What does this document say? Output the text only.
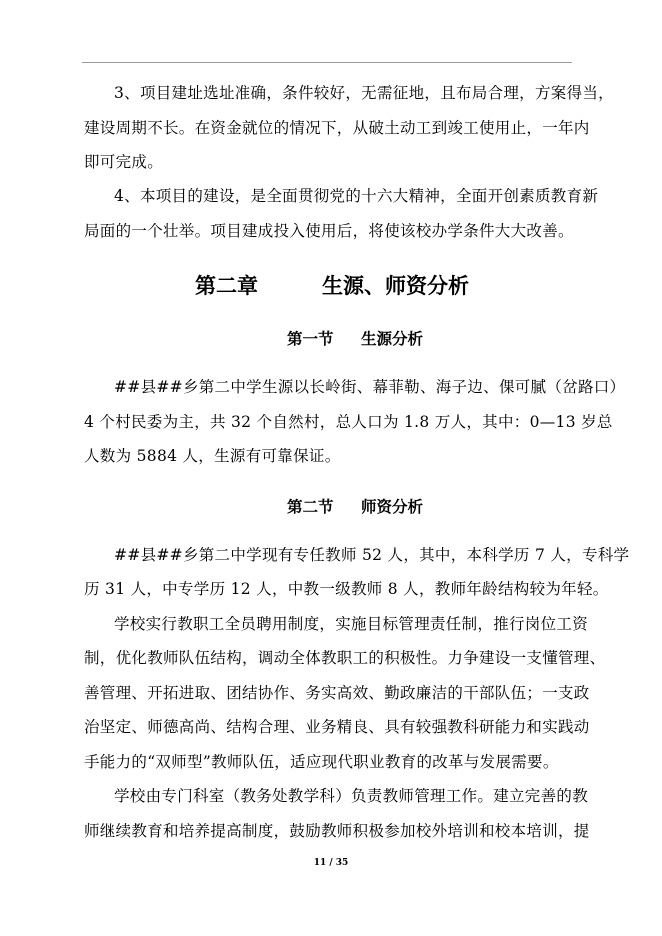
3、项目建址选址准确，条件较好，无需征地，且布局合理，方案得当，
建设周期不长。在资金就位的情况下，从破土动工到竣工使用止，一年内
即可完成。
4、本项目的建设，是全面贯彻党的十六大精神，全面开创素质教育新
局面的一个壮举。项目建成投入使用后，将使该校办学条件大大改善。
第二章	生源、师资分析
第一节 生源分析
##县##乡第二中学生源以长岭街、幕菲勒、海子边、倮可膩（岔路口）
4 个村民委为主，共 32 个自然村，总人口为 1.8 万人，其中：0—13 岁总
人数为 5884 人，生源有可靠保证。
第二节 师资分析
##县##乡第二中学现有专任教师 52 人，其中，本科学历 7 人，专科学
历 31 人，中专学历 12 人，中教一级教师 8 人，教师年龄结构较为年轻。
学校实行教职工全员聘用制度，实施目标管理责任制，推行岗位工资
制，优化教师队伍结构，调动全体教职工的积极性。力争建设一支懂管理、
善管理、开拓进取、团结协作、务实高效、勤政廉洁的干部队伍；一支政
治坚定、师德高尚、结构合理、业务精良、具有较强教科研能力和实践动
手能力的“双师型”教师队伍，适应现代职业教育的改革与发展需要。
学校由专门科室（教务处教学科）负责教师管理工作。建立完善的教
师继续教育和培养提高制度，鼓励教师积极参加校外培训和校本培训，提
11 / 35
